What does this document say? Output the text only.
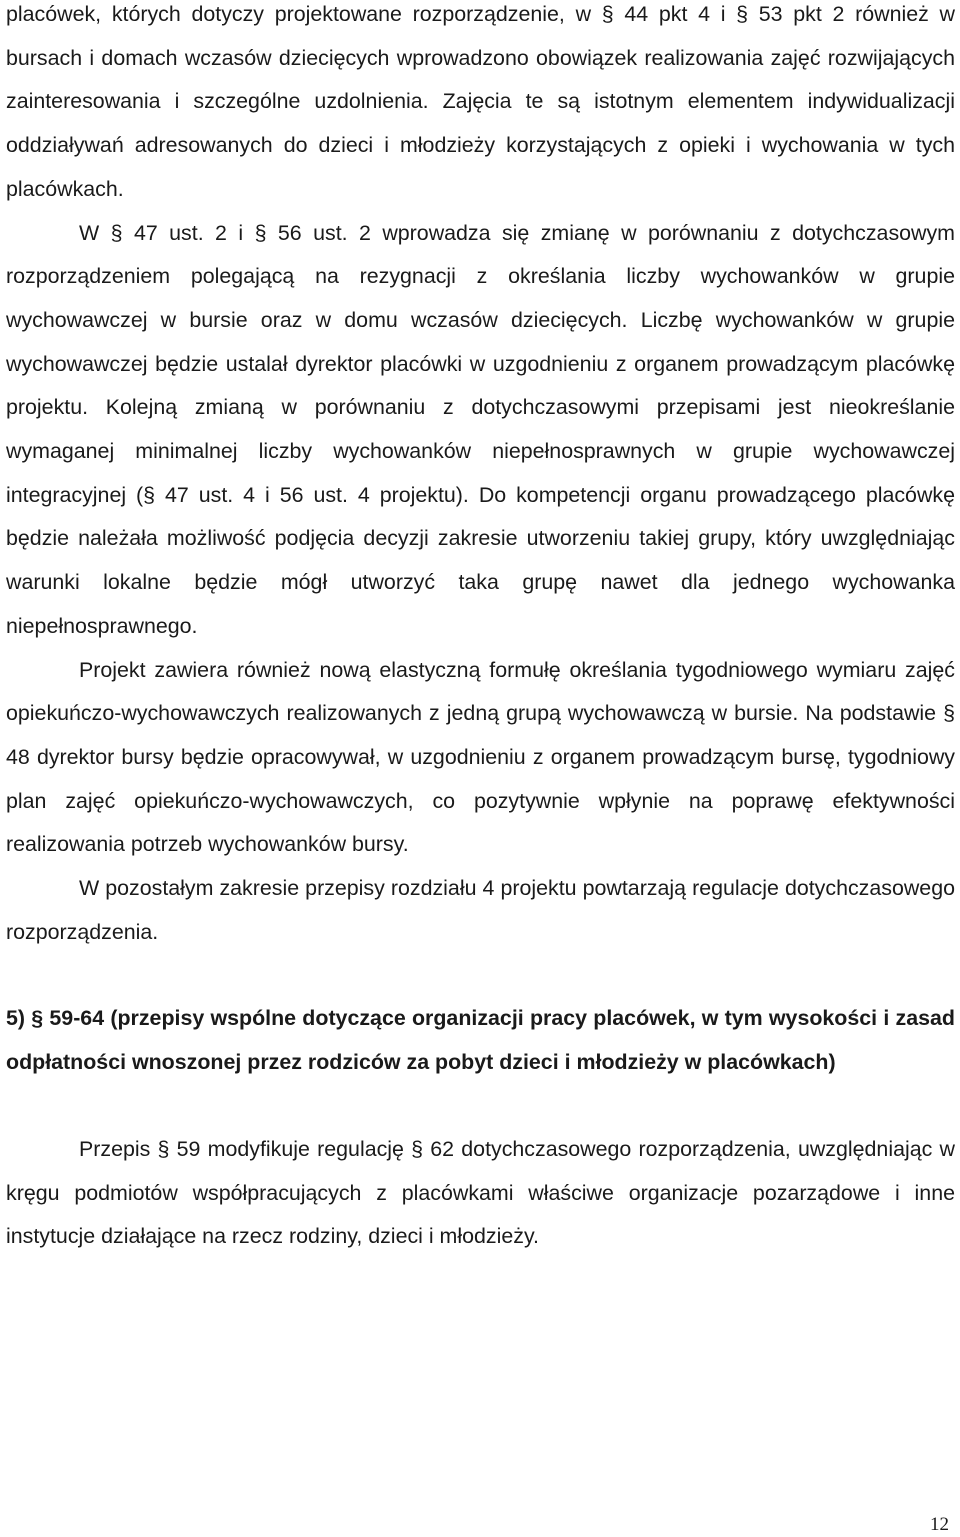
placówek, których dotyczy projektowane rozporządzenie, w § 44 pkt 4 i § 53 pkt 2 również w bursach i domach wczasów dziecięcych wprowadzono obowiązek realizowania zajęć rozwijających zainteresowania i szczególne uzdolnienia. Zajęcia te są istotnym elementem indywidualizacji oddziaływań adresowanych do dzieci i młodzieży korzystających z opieki i wychowania w tych placówkach.

W § 47 ust. 2 i § 56 ust. 2 wprowadza się zmianę w porównaniu z dotychczasowym rozporządzeniem polegającą na rezygnacji z określania liczby wychowanków w grupie wychowawczej w bursie oraz w domu wczasów dziecięcych. Liczbę wychowanków w grupie wychowawczej będzie ustalał dyrektor placówki w uzgodnieniu z organem prowadzącym placówkę projektu. Kolejną zmianą w porównaniu z dotychczasowymi przepisami jest nieokreślanie wymaganej minimalnej liczby wychowanków niepełnosprawnych w grupie wychowawczej integracyjnej (§ 47 ust. 4 i 56 ust. 4 projektu). Do kompetencji organu prowadzącego placówkę będzie należała możliwość podjęcia decyzji zakresie utworzeniu takiej grupy, który uwzględniając warunki lokalne będzie mógł utworzyć taka grupę nawet dla jednego wychowanka niepełnosprawnego.

Projekt zawiera również nową elastyczną formułę określania tygodniowego wymiaru zajęć opiekuńczo-wychowawczych realizowanych z jedną grupą wychowawczą w bursie. Na podstawie § 48 dyrektor bursy będzie opracowywał, w uzgodnieniu z organem prowadzącym bursę, tygodniowy plan zajęć opiekuńczo-wychowawczych, co pozytywnie wpłynie na poprawę efektywności realizowania potrzeb wychowanków bursy.

W pozostałym zakresie przepisy rozdziału 4 projektu powtarzają regulacje dotychczasowego rozporządzenia.

5) § 59-64 (przepisy wspólne dotyczące organizacji pracy placówek, w tym wysokości i zasad odpłatności wnoszonej przez rodziców za pobyt dzieci i młodzieży w placówkach)

Przepis § 59 modyfikuje regulację § 62 dotychczasowego rozporządzenia, uwzględniając w kręgu podmiotów współpracujących z placówkami właściwe organizacje pozarządowe i inne instytucje działające na rzecz rodziny, dzieci i młodzieży.

12
